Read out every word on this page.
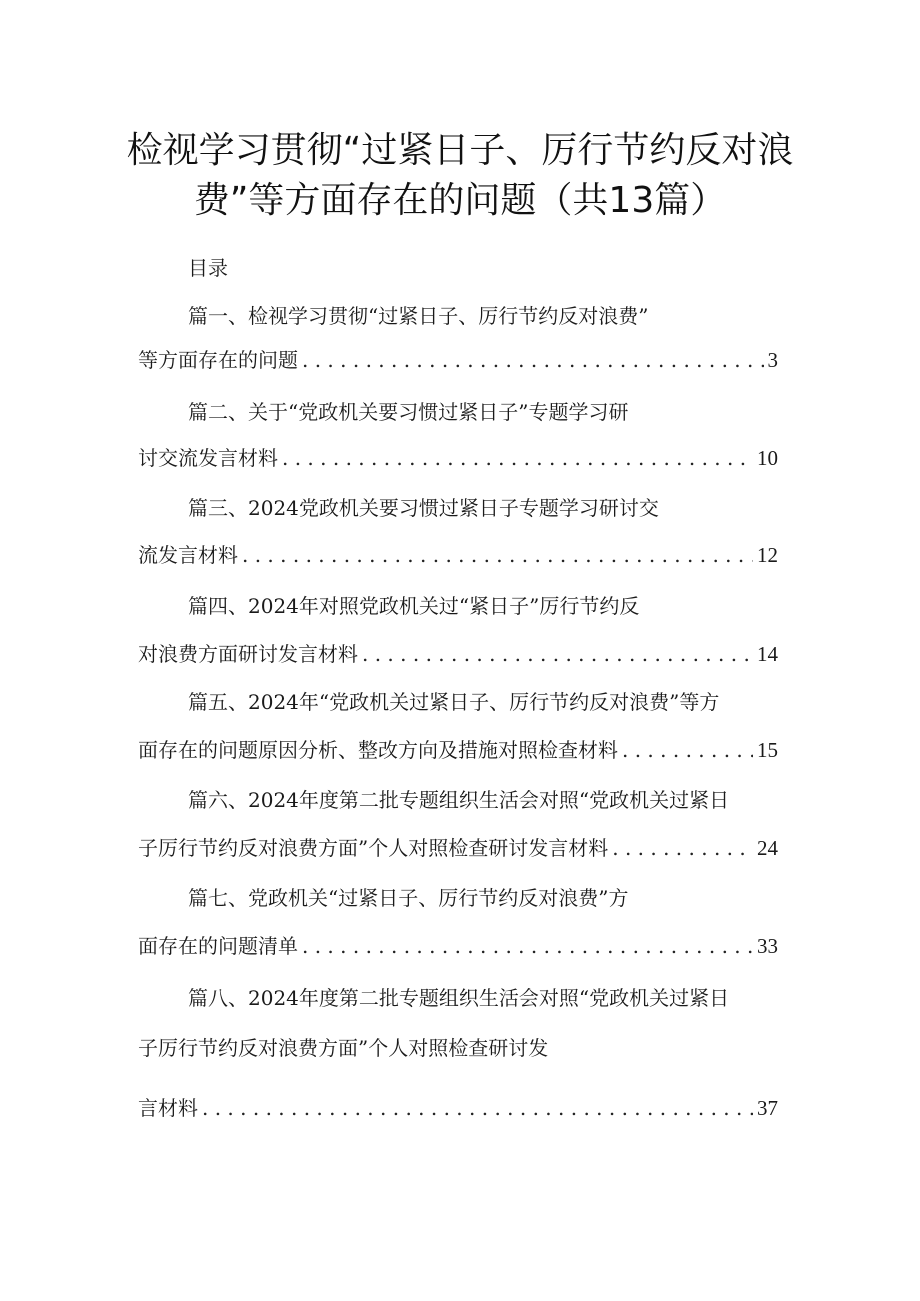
检视学习贯彻“过紧日子、厉行节约反对浪
费”等方面存在的问题（共13篇）
目录
篇一、检视学习贯彻“过紧日子、厉行节约反对浪费”
等方面存在的问题 . . .	3
篇二、关于“党政机关要习惯过紧日子”专题学习研
讨交流发言材料 . . .	10
篇三、2024党政机关要习惯过紧日子专题学习研讨交
流发言材料 . . .	12
篇四、2024年对照党政机关过“紧日子”厉行节约反
对浪费方面研讨发言材料 . . .	14
篇五、2024年“党政机关过紧日子、厉行节约反对浪费”等方
面存在的问题原因分析、整改方向及措施对照检查材料 . . .	15
篇六、2024年度第二批专题组织生活会对照“党政机关过紧日
子厉行节约反对浪费方面”个人对照检查研讨发言材料 . . .	24
篇七、党政机关“过紧日子、厉行节约反对浪费”方
面存在的问题清单 . . .	33
篇八、2024年度第二批专题组织生活会对照“党政机关过紧日
子厉行节约反对浪费方面”个人对照检查研讨发
言材料 . . .	37
